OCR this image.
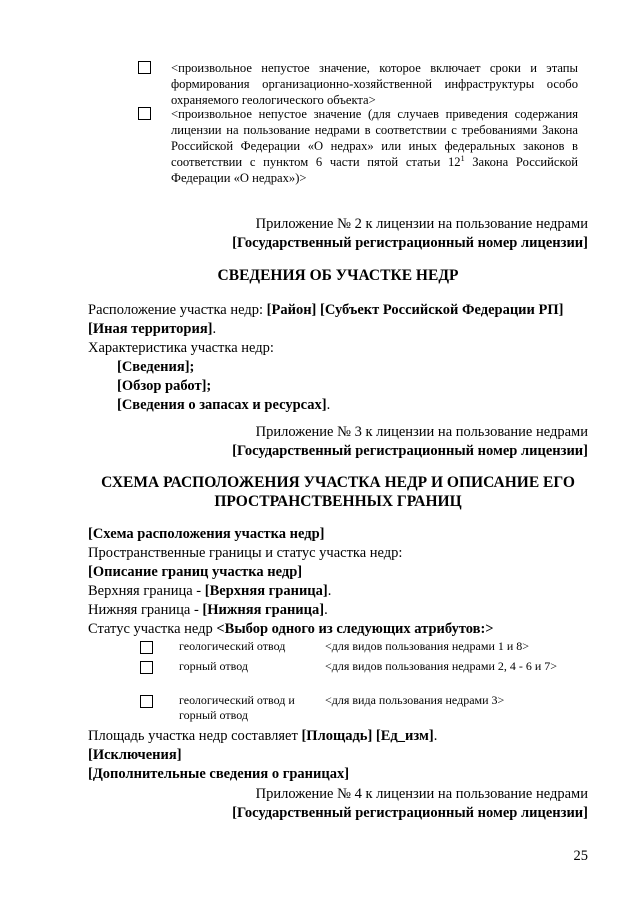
<произвольное непустое значение, которое включает сроки и этапы формирования организационно-хозяйственной инфраструктуры особо охраняемого геологического объекта>
<произвольное непустое значение (для случаев приведения содержания лицензии на пользование недрами в соответствии с требованиями Закона Российской Федерации «О недрах» или иных федеральных законов в соответствии с пунктом 6 части пятой статьи $12^1$ Закона Российской Федерации «О недрах»)>
Приложение № 2 к лицензии на пользование недрами
[Государственный регистрационный номер лицензии]
СВЕДЕНИЯ ОБ УЧАСТКЕ НЕДР
Расположение участка недр: [Район] [Субъект Российской Федерации РП]
[Иная территория].
Характеристика участка недр:
[Сведения];
[Обзор работ];
[Сведения о запасах и ресурсах].
Приложение № 3 к лицензии на пользование недрами
[Государственный регистрационный номер лицензии]
СХЕМА РАСПОЛОЖЕНИЯ УЧАСТКА НЕДР И ОПИСАНИЕ ЕГО
ПРОСТРАНСТВЕННЫХ ГРАНИЦ
[Схема расположения участка недр]
Пространственные границы и статус участка недр:
[Описание границ участка недр]
Верхняя граница - [Верхняя граница].
Нижняя граница - [Нижняя граница].
Статус участка недр <Выбор одного из следующих атрибутов:>
геологический отвод	<для видов пользования недрами 1 и 8>
горный отвод	<для видов пользования недрами 2, 4 - 6 и 7>
геологический отвод и горный отвод
<для вида пользования недрами 3>
Площадь участка недр составляет [Площадь] [Ед_изм].
[Исключения]
[Дополнительные сведения о границах]
Приложение № 4 к лицензии на пользование недрами
[Государственный регистрационный номер лицензии]
25
